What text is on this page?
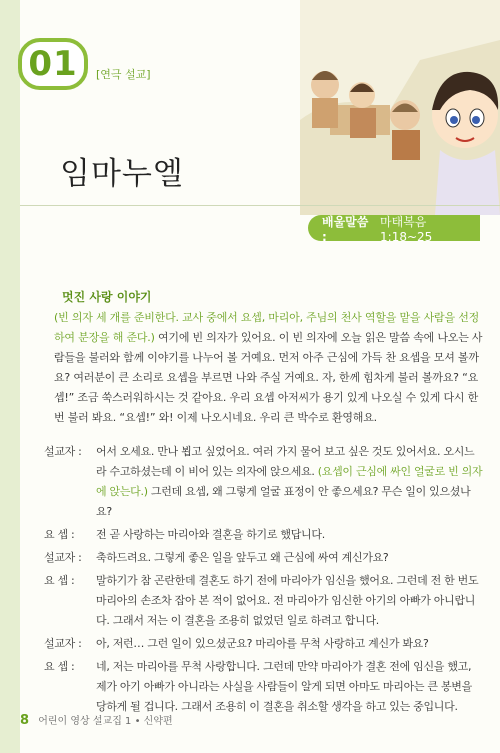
01 [연극 설교]
임마누엘
배울말씀 :
마태복음 1:18~25
멋진 사랑 이야기
(빈 의자 세 개를 준비한다. 교사 중에서 요셉, 마리아, 주님의 천사 역할을 맡을 사람을 선정하여 분장을 해 준다.) 여기에 빈 의자가 있어요. 이 빈 의자에 오늘 읽은 말씀 속에 나오는 사람들을 불러와 함께 이야기를 나누어 볼 거예요. 먼저 아주 근심에 가득 찬 요셉을 모셔 볼까요? 여러분이 큰 소리로 요셉을 부르면 나와 주실 거예요. 자, 한께 힘차게 불러 볼까요? “요셉!” 조금 쑥스러워하시는 것 같아요. 우리 요셉 아저씨가 용기 있게 나오실 수 있게 다시 한 번 불러 봐요. “요셉!” 와! 이제 나오시네요. 우리 큰 박수로 환영해요.
설교자 :	어서 오세요. 만나 뵙고 싶었어요. 여러 가지 물어 보고 싶은 것도 있어서요. 오시느라 수고하셨는데 이 비어 있는 의자에 앉으세요. (요셉이 근심에 싸인 얼굴로 빈 의자에 앉는다.) 그런데 요셉, 왜 그렇게 얼굴 표정이 안 좋으세요? 무슨 일이 있으셨나요?
요 셉 :	전 곧 사랑하는 마리아와 결혼을 하기로 했답니다.
설교자 :	축하드려요. 그렇게 좋은 일을 앞두고 왜 근심에 싸여 계신가요?
요 셉 :	말하기가 참 곤란한데 결혼도 하기 전에 마리아가 임신을 했어요. 그런데 전 한 번도 마리아의 손조차 잡아 본 적이 없어요. 전 마리아가 임신한 아기의 아빠가 아니랍니다. 그래서 저는 이 결혼을 조용히 없었던 일로 하려고 합니다.
설교자 :	아, 저런… 그런 일이 있으셨군요? 마리아를 무척 사랑하고 계신가 봐요?
요 셉 :	네, 저는 마리아를 무척 사랑합니다. 그런데 만약 마리아가 결혼 전에 임신을 했고, 제가 아기 아빠가 아니라는 사실을 사람들이 알게 되면 아마도 마리아는 큰 봉변을 당하게 될 겁니다. 그래서 조용히 이 결혼을 취소할 생각을 하고 있는 중입니다.
8 어린이 영상 설교집 1 • 신약편
